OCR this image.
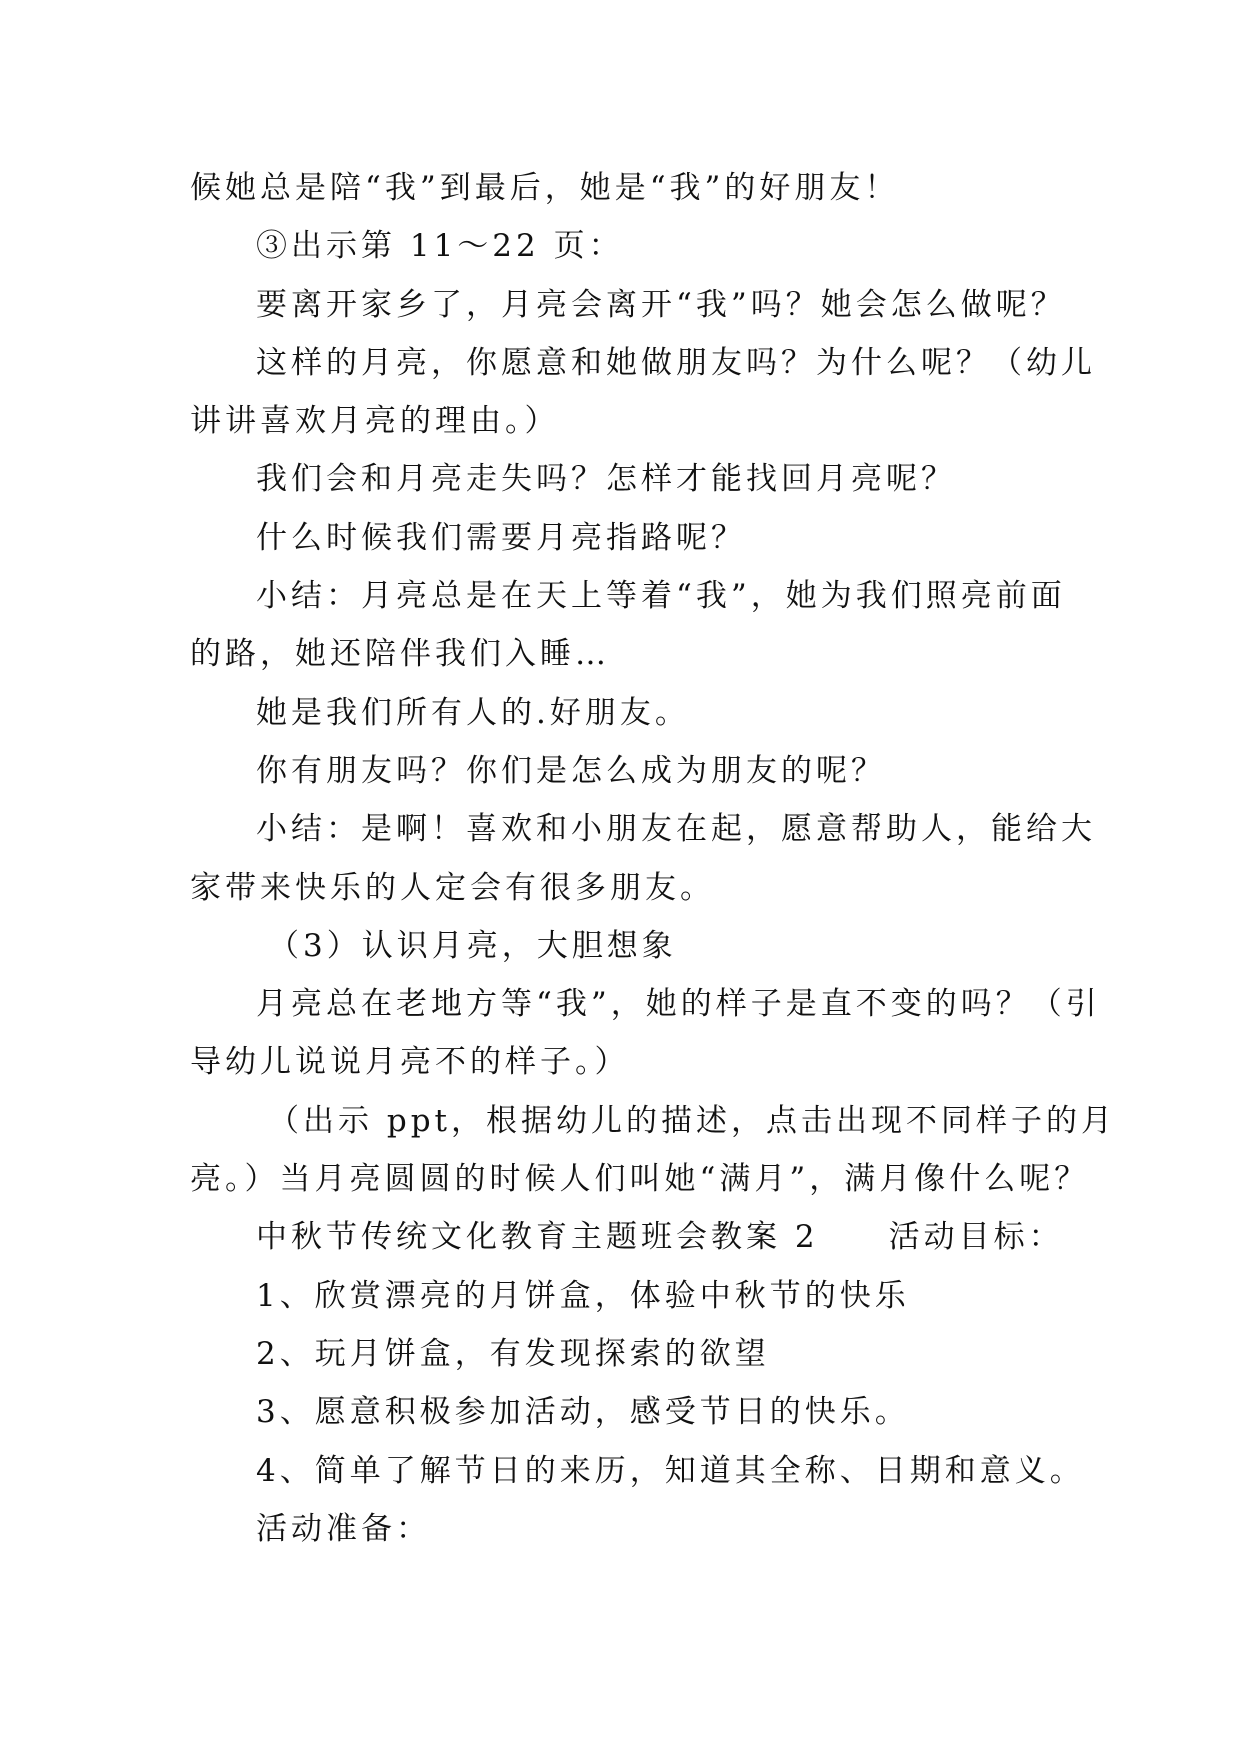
候她总是陪“我”到最后，她是“我”的好朋友！
③出示第 11～22 页：
要离开家乡了，月亮会离开“我”吗？她会怎么做呢？
这样的月亮，你愿意和她做朋友吗？为什么呢？（幼儿
讲讲喜欢月亮的理由。）
我们会和月亮走失吗？怎样才能找回月亮呢？
什么时候我们需要月亮指路呢？
小结：月亮总是在天上等着“我”，她为我们照亮前面
的路，她还陪伴我们入睡…
她是我们所有人的.好朋友。
你有朋友吗？你们是怎么成为朋友的呢？
小结：是啊！喜欢和小朋友在起，愿意帮助人，能给大
家带来快乐的人定会有很多朋友。
（3）认识月亮，大胆想象
月亮总在老地方等“我”，她的样子是直不变的吗？（引
导幼儿说说月亮不的样子。）
（出示 ppt，根据幼儿的描述，点击出现不同样子的月
亮。）当月亮圆圆的时候人们叫她“满月”，满月像什么呢？
中秋节传统文化教育主题班会教案 2　　活动目标：
1、欣赏漂亮的月饼盒，体验中秋节的快乐
2、玩月饼盒，有发现探索的欲望
3、愿意积极参加活动，感受节日的快乐。
4、简单了解节日的来历，知道其全称、日期和意义。
活动准备：
